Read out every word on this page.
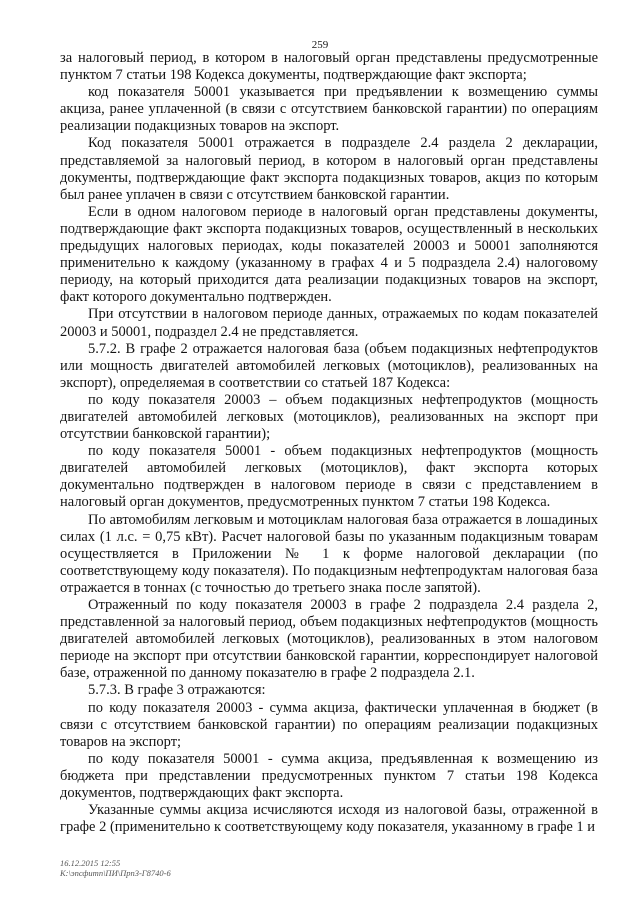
259

за налоговый период, в котором в налоговый орган представлены предусмотренные пунктом 7 статьи 198 Кодекса документы, подтверждающие факт экспорта;

код показателя 50001 указывается при предъявлении к возмещению суммы акциза, ранее уплаченной (в связи с отсутствием банковской гарантии) по операциям реализации подакцизных товаров на экспорт.

Код показателя 50001 отражается в подразделе 2.4 раздела 2 декларации, представляемой за налоговый период, в котором в налоговый орган представлены документы, подтверждающие факт экспорта подакцизных товаров, акциз по которым был ранее уплачен в связи с отсутствием банковской гарантии.

Если в одном налоговом периоде в налоговый орган представлены документы, подтверждающие факт экспорта подакцизных товаров, осуществленный в нескольких предыдущих налоговых периодах, коды показателей 20003 и 50001 заполняются применительно к каждому (указанному в графах 4 и 5 подраздела 2.4) налоговому периоду, на который приходится дата реализации подакцизных товаров на экспорт, факт которого документально подтвержден.

При отсутствии в налоговом периоде данных, отражаемых по кодам показателей 20003 и 50001, подраздел 2.4 не представляется.

5.7.2. В графе 2 отражается налоговая база (объем подакцизных нефтепродуктов или мощность двигателей автомобилей легковых (мотоциклов), реализованных на экспорт), определяемая в соответствии со статьей 187 Кодекса:

по коду показателя 20003 – объем подакцизных нефтепродуктов (мощность двигателей автомобилей легковых (мотоциклов), реализованных на экспорт при отсутствии банковской гарантии);

по коду показателя 50001 - объем подакцизных нефтепродуктов (мощность двигателей автомобилей легковых (мотоциклов), факт экспорта которых документально подтвержден в налоговом периоде в связи с представлением в налоговый орган документов, предусмотренных пунктом 7 статьи 198 Кодекса.

По автомобилям легковым и мотоциклам налоговая база отражается в лошадиных силах (1 л.с. = 0,75 кВт). Расчет налоговой базы по указанным подакцизным товарам осуществляется в Приложении № 1 к форме налоговой декларации (по соответствующему коду показателя). По подакцизным нефтепродуктам налоговая база отражается в тоннах (с точностью до третьего знака после запятой).

Отраженный по коду показателя 20003 в графе 2 подраздела 2.4 раздела 2, представленной за налоговый период, объем подакцизных нефтепродуктов (мощность двигателей автомобилей легковых (мотоциклов), реализованных в этом налоговом периоде на экспорт при отсутствии банковской гарантии, корреспондирует налоговой базе, отраженной по данному показателю в графе 2 подраздела 2.1.

5.7.3. В графе 3 отражаются:

по коду показателя 20003 - сумма акциза, фактически уплаченная в бюджет (в связи с отсутствием банковской гарантии) по операциям реализации подакцизных товаров на экспорт;

по коду показателя 50001 - сумма акциза, предъявленная к возмещению из бюджета при представлении предусмотренных пунктом 7 статьи 198 Кодекса документов, подтверждающих факт экспорта.

Указанные суммы акциза исчисляются исходя из налоговой базы, отраженной в графе 2 (применительно к соответствующему коду показателя, указанному в графе 1 и

16.12.2015 12:55
К:\эпсфитп\ПИ\Прп3-Г8740-6
